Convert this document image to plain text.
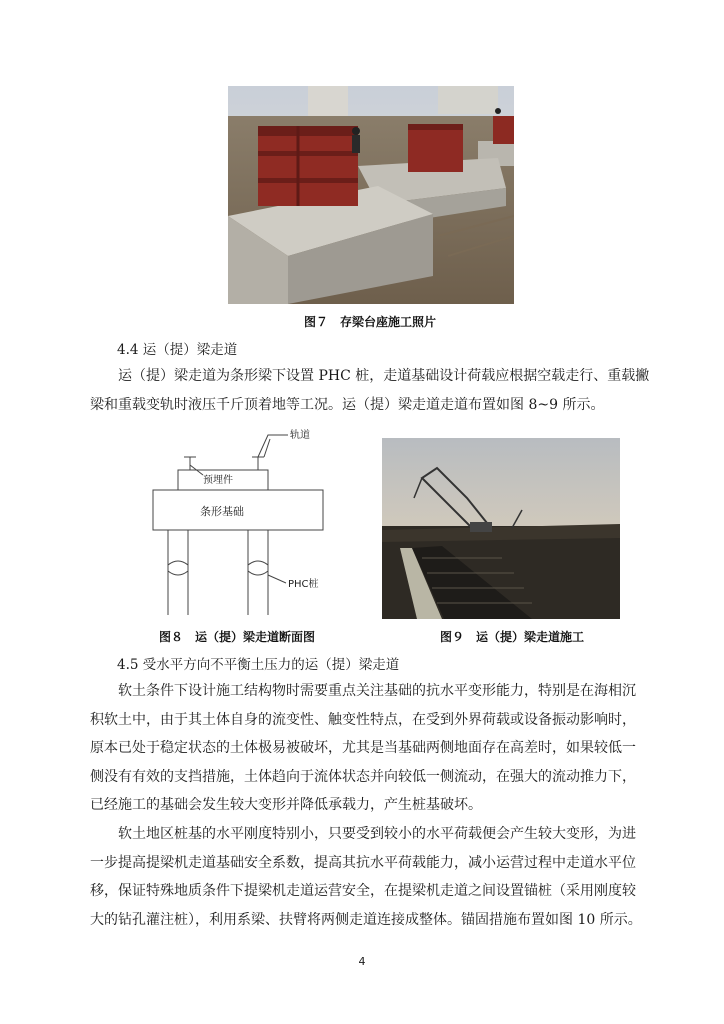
图７　存梁台座施工照片
4.4 运（提）梁走道
运（提）梁走道为条形梁下设置 PHC 桩，走道基础设计荷载应根据空载走行、重载撇
梁和重载变轨时液压千斤顶着地等工况。运（提）梁走道走道布置如图 8~9 所示。
轨道
预埋件
条形基础
PHC桩
图８　运（提）梁走道断面图	图９　运（提）梁走道施工
4.5 受水平方向不平衡土压力的运（提）梁走道
软土条件下设计施工结构物时需要重点关注基础的抗水平变形能力，特别是在海相沉
积软土中，由于其土体自身的流变性、触变性特点，在受到外界荷载或设备振动影响时，
原本已处于稳定状态的土体极易被破坏，尤其是当基础两侧地面存在高差时，如果较低一
侧没有有效的支挡措施，土体趋向于流体状态并向较低一侧流动，在强大的流动推力下，
已经施工的基础会发生较大变形并降低承载力，产生桩基破坏。
软土地区桩基的水平刚度特别小，只要受到较小的水平荷载便会产生较大变形，为进
一步提高提梁机走道基础安全系数，提高其抗水平荷载能力，减小运营过程中走道水平位
移，保证特殊地质条件下提梁机走道运营安全，在提梁机走道之间设置锚桩（采用刚度较
大的钻孔灌注桩），利用系梁、扶臂将两侧走道连接成整体。锚固措施布置如图 10 所示。
4
